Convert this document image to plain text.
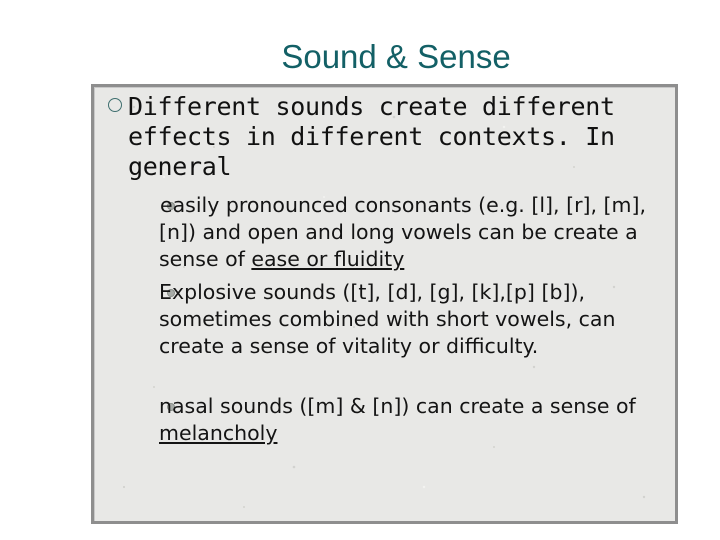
Sound & Sense
Different sounds create different
effects in different contexts. In
general
easily pronounced consonants (e.g. [l], [r], [m], [n]) and open and long vowels can be create a sense of ease or fluidity
Explosive sounds ([t], [d], [g], [k],[p] [b]), sometimes combined with short vowels, can create a sense of vitality or difficulty.
nasal sounds ([m] & [n]) can create a sense of melancholy
